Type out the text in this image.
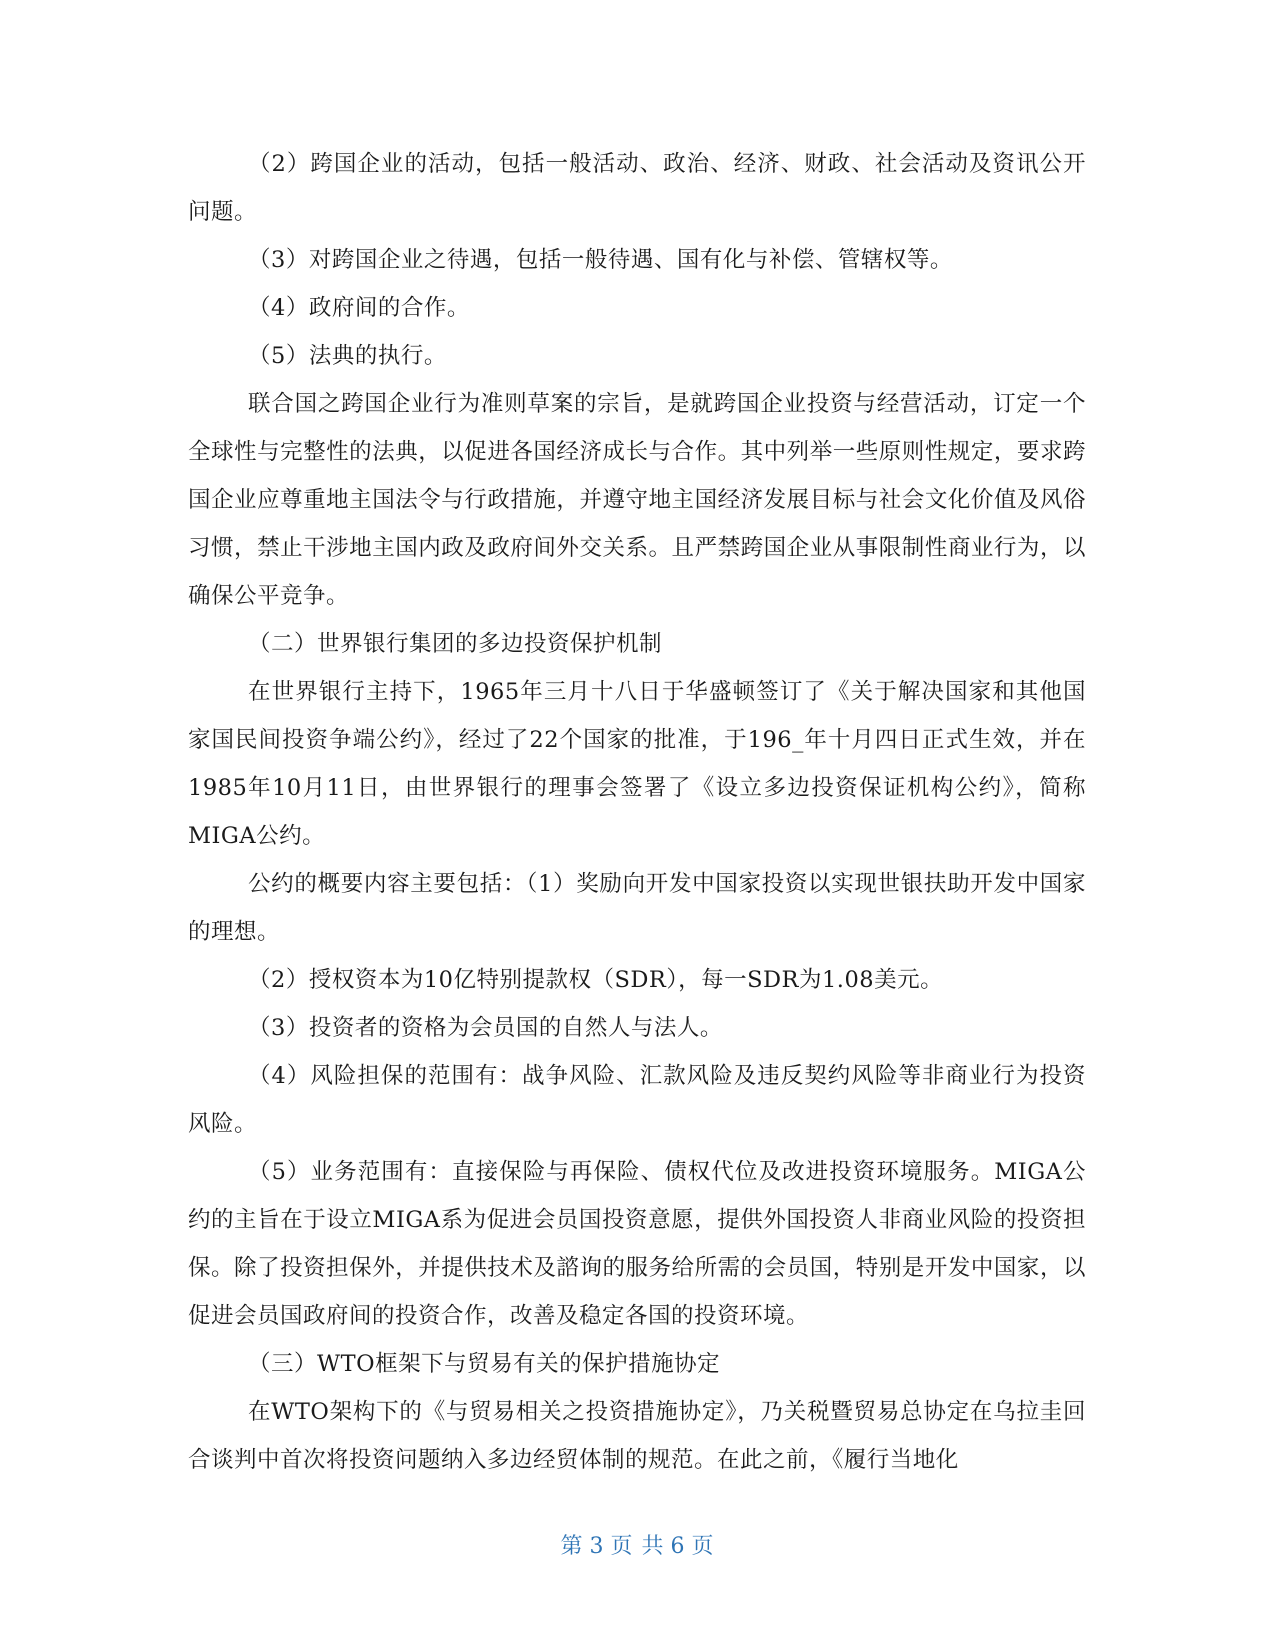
（2）跨国企业的活动，包括一般活动、政治、经济、财政、社会活动及资讯公开问题。

（3）对跨国企业之待遇，包括一般待遇、国有化与补偿、管辖权等。

（4）政府间的合作。

（5）法典的执行。

联合国之跨国企业行为准则草案的宗旨，是就跨国企业投资与经营活动，订定一个全球性与完整性的法典，以促进各国经济成长与合作。其中列举一些原则性规定，要求跨国企业应尊重地主国法令与行政措施，并遵守地主国经济发展目标与社会文化价值及风俗习惯，禁止干涉地主国内政及政府间外交关系。且严禁跨国企业从事限制性商业行为，以确保公平竞争。

（二）世界银行集团的多边投资保护机制

在世界银行主持下，1965年三月十八日于华盛顿签订了《关于解决国家和其他国家国民间投资争端公约》，经过了22个国家的批准，于196_年十月四日正式生效，并在1985年10月11日，由世界银行的理事会签署了《设立多边投资保证机构公约》，简称MIGA公约。

公约的概要内容主要包括：（1）奖励向开发中国家投资以实现世银扶助开发中国家的理想。

（2）授权资本为10亿特别提款权（SDR），每一SDR为1.08美元。

（3）投资者的资格为会员国的自然人与法人。

（4）风险担保的范围有：战争风险、汇款风险及违反契约风险等非商业行为投资风险。

（5）业务范围有：直接保险与再保险、债权代位及改进投资环境服务。MIGA公约的主旨在于设立MIGA系为促进会员国投资意愿，提供外国投资人非商业风险的投资担保。除了投资担保外，并提供技术及諮询的服务给所需的会员国，特别是开发中国家，以促进会员国政府间的投资合作，改善及稳定各国的投资环境。

（三）WTO框架下与贸易有关的保护措施协定

在WTO架构下的《与贸易相关之投资措施协定》，乃关税暨贸易总协定在乌拉圭回合谈判中首次将投资问题纳入多边经贸体制的规范。在此之前，《履行当地化

第 3 页 共 6 页
